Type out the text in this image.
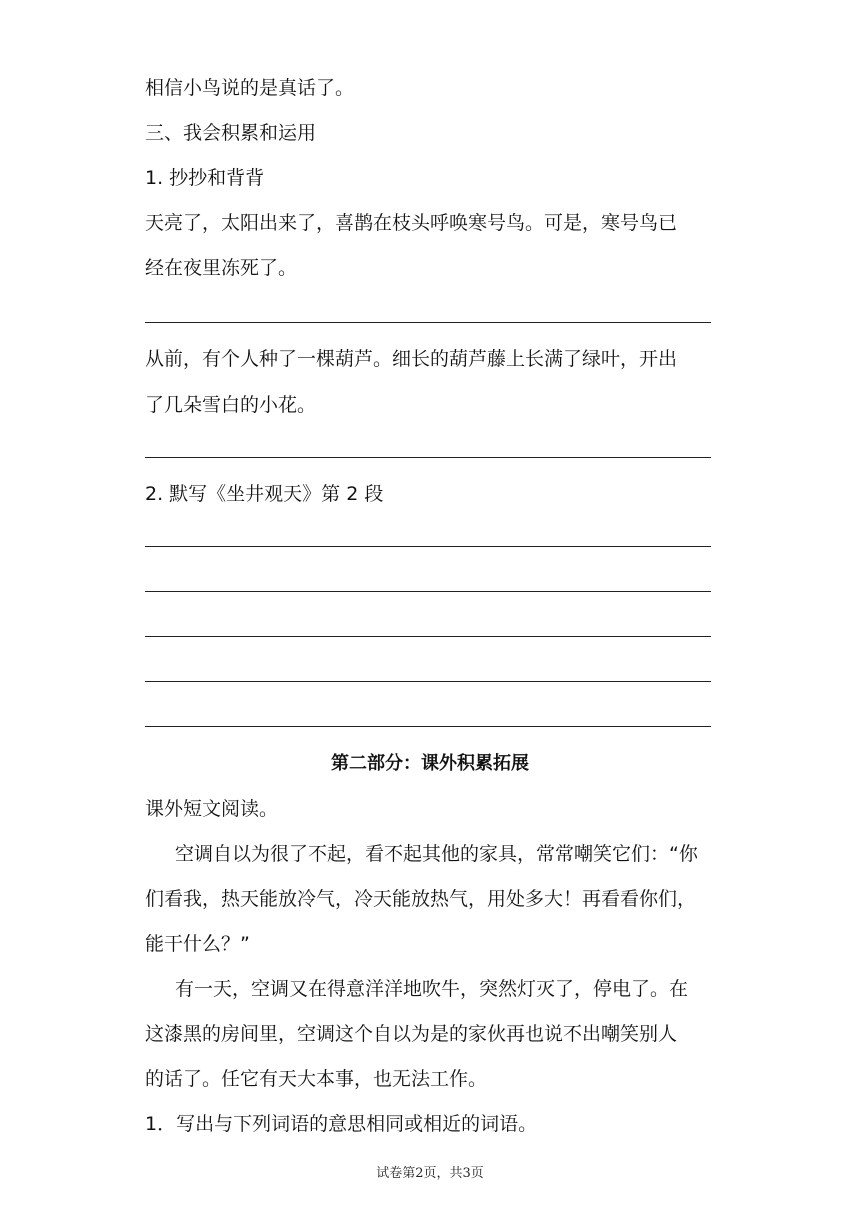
相信小鸟说的是真话了。
三、我会积累和运用
1. 抄抄和背背
天亮了，太阳出来了，喜鹊在枝头呼唤寒号鸟。可是，寒号鸟已
经在夜里冻死了。
从前，有个人种了一棵葫芦。细长的葫芦藤上长满了绿叶，开出
了几朵雪白的小花。
2. 默写《坐井观天》第 2 段
第二部分：课外积累拓展
课外短文阅读。
空调自以为很了不起，看不起其他的家具，常常嘲笑它们：“你
们看我，热天能放冷气，冷天能放热气，用处多大！再看看你们，
能干什么？”
有一天，空调又在得意洋洋地吹牛，突然灯灭了，停电了。在
这漆黑的房间里，空调这个自以为是的家伙再也说不出嘲笑别人
的话了。任它有天大本事，也无法工作。
1．写出与下列词语的意思相同或相近的词语。
试卷第2页，共3页
